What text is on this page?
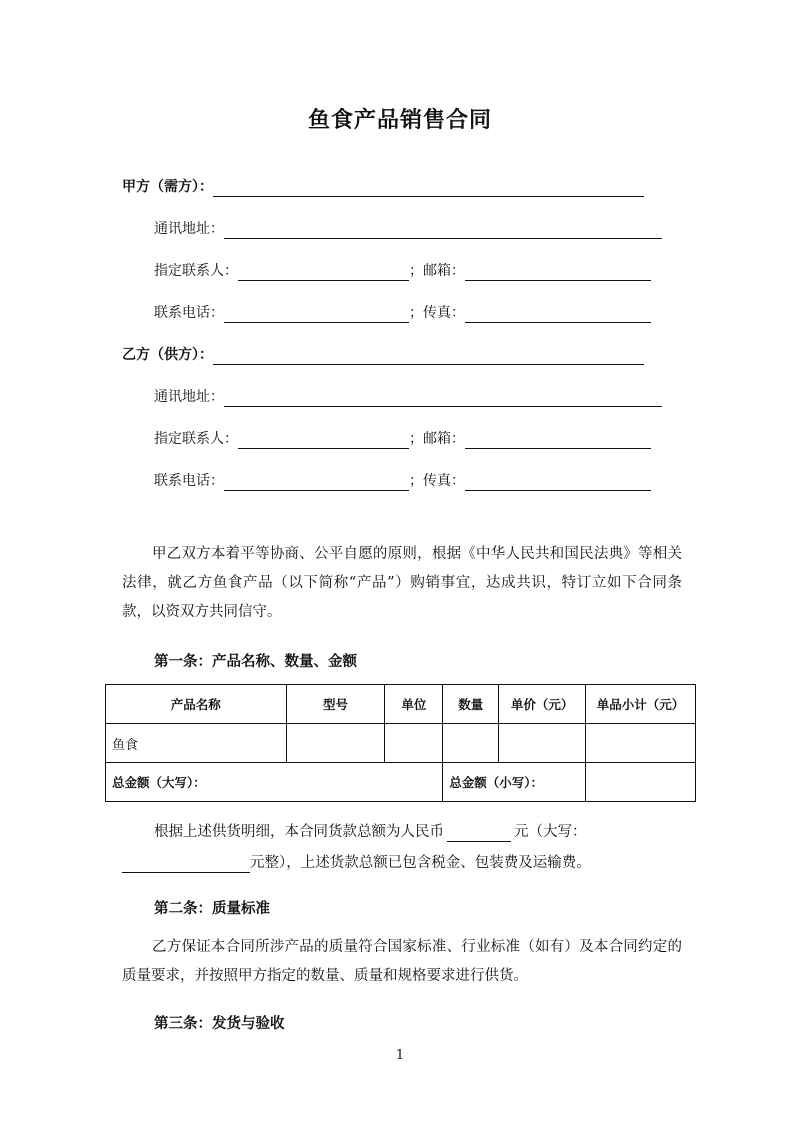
鱼食产品销售合同
甲方（需方）：
通讯地址：
指定联系人：	；邮箱：
联系电话：	；传真：
乙方（供方）：
通讯地址：
指定联系人：	；邮箱：
联系电话：	；传真：
甲乙双方本着平等协商、公平自愿的原则，根据《中华人民共和国民法典》等相关法律，就乙方鱼食产品（以下简称“产品”）购销事宜，达成共识，特订立如下合同条款，以资双方共同信守。
第一条：产品名称、数量、金额
产品名称	型号	单位	数量	单价（元）	单品小计（元）
鱼食					
总金额（大写）：			总金额（小写）：		
根据上述供货明细，本合同货款总额为人民币	元（大写：
元整），上述货款总额已包含税金、包装费及运输费。
第二条：质量标准
乙方保证本合同所涉产品的质量符合国家标准、行业标准（如有）及本合同约定的质量要求，并按照甲方指定的数量、质量和规格要求进行供货。
第三条：发货与验收
1
